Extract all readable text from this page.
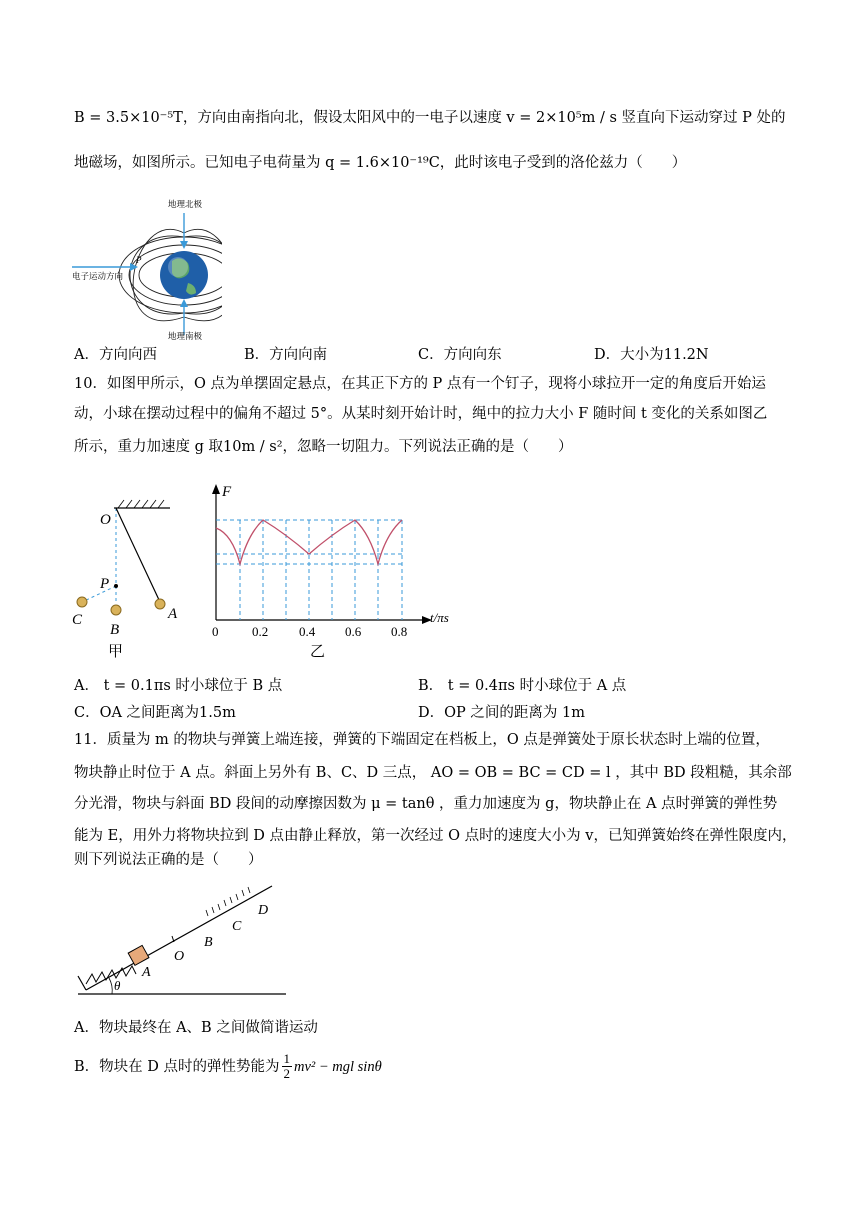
B = 3.5×10⁻⁵T，方向由南指向北，假设太阳风中的一电子以速度 v = 2×10⁵m / s 竖直向下运动穿过 P 处的
地磁场，如图所示。已知电子电荷量为 q = 1.6×10⁻¹⁹C，此时该电子受到的洛伦兹力（　　）
地理北极
地理南极
电子运动方向
P
A．方向向西	B．方向向南	C．方向向东	D．大小为11.2N
10．如图甲所示，O 点为单摆固定悬点，在其正下方的 P 点有一个钉子，现将小球拉开一定的角度后开始运
动，小球在摆动过程中的偏角不超过 5°。从某时刻开始计时，绳中的拉力大小 F 随时间 t 变化的关系如图乙
所示，重力加速度 g 取10m / s²，忽略一切阻力。下列说法正确的是（　　）
O
P
A
B
C
甲
F
t/πs
0	0.2 0.4 0.6 0.8
乙
A． t = 0.1πs 时小球位于 B 点	B． t = 0.4πs 时小球位于 A 点
C．OA 之间距离为1.5m	D．OP 之间的距离为 1m
11．质量为 m 的物块与弹簧上端连接，弹簧的下端固定在档板上，O 点是弹簧处于原长状态时上端的位置，
物块静止时位于 A 点。斜面上另外有 B、C、D 三点， AO = OB = BC = CD = l ，其中 BD 段粗糙，其余部
分光滑，物块与斜面 BD 段间的动摩擦因数为 μ = tanθ ，重力加速度为 g，物块静止在 A 点时弹簧的弹性势
能为 E，用外力将物块拉到 D 点由静止释放，第一次经过 O 点时的速度大小为 v，已知弹簧始终在弹性限度内，
则下列说法正确的是（　　）
A
O
B
C
D
θ
A．物块最终在 A、B 之间做简谐运动
B．物块在 D 点时的弹性势能为 $\frac{1}{2} mv^2$ − mgl sinθ
